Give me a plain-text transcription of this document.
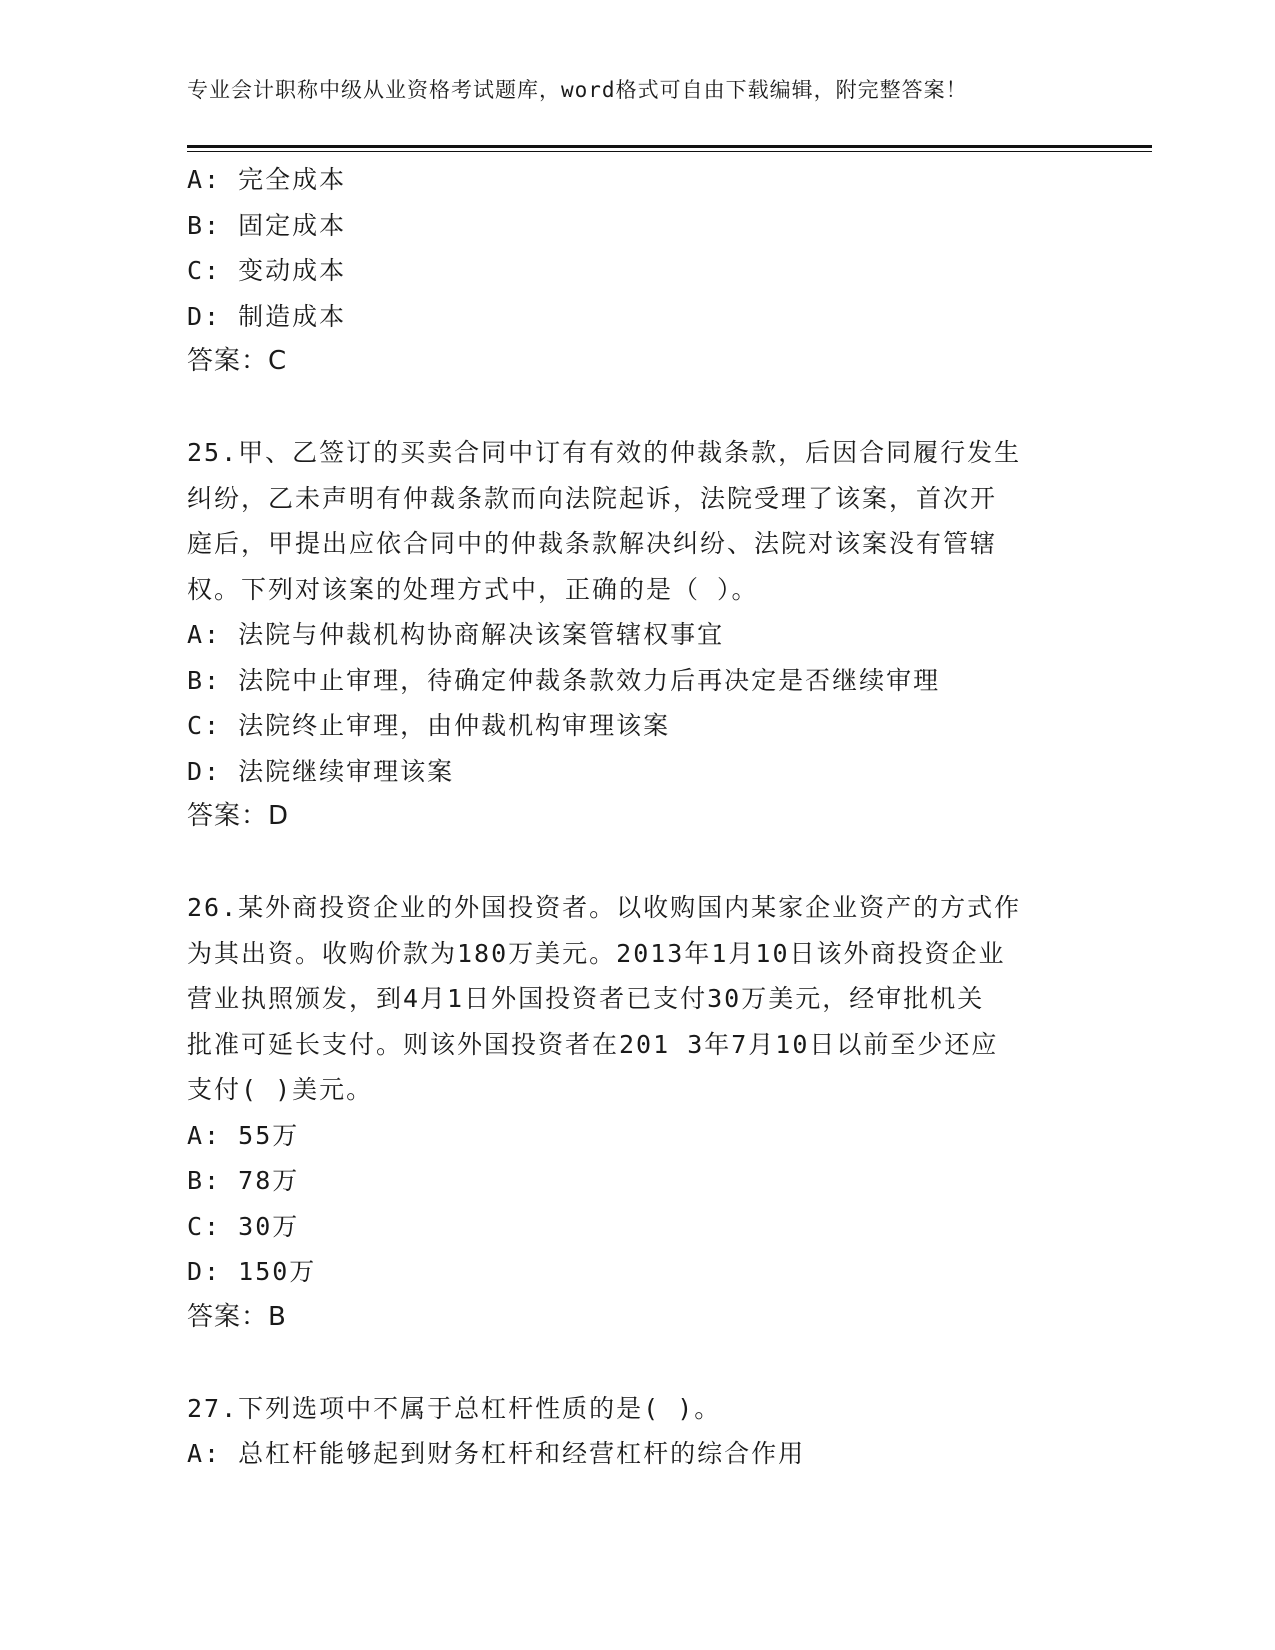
专业会计职称中级从业资格考试题库，word格式可自由下载编辑，附完整答案！
A: 完全成本
B: 固定成本
C: 变动成本
D: 制造成本
答案：C
25.甲、乙签订的买卖合同中订有有效的仲裁条款，后因合同履行发生
纠纷，乙未声明有仲裁条款而向法院起诉，法院受理了该案，首次开
庭后，甲提出应依合同中的仲裁条款解决纠纷、法院对该案没有管辖
权。下列对该案的处理方式中，正确的是（ ）。
A: 法院与仲裁机构协商解决该案管辖权事宜
B: 法院中止审理，待确定仲裁条款效力后再决定是否继续审理
C: 法院终止审理，由仲裁机构审理该案
D: 法院继续审理该案
答案：D
26.某外商投资企业的外国投资者。以收购国内某家企业资产的方式作
为其出资。收购价款为180万美元。2013年1月10日该外商投资企业
营业执照颁发，到4月1日外国投资者已支付30万美元，经审批机关
批准可延长支付。则该外国投资者在201 3年7月10日以前至少还应
支付( )美元。
A: 55万
B: 78万
C: 30万
D: 150万
答案：B
27.下列选项中不属于总杠杆性质的是( )。
A: 总杠杆能够起到财务杠杆和经营杠杆的综合作用
